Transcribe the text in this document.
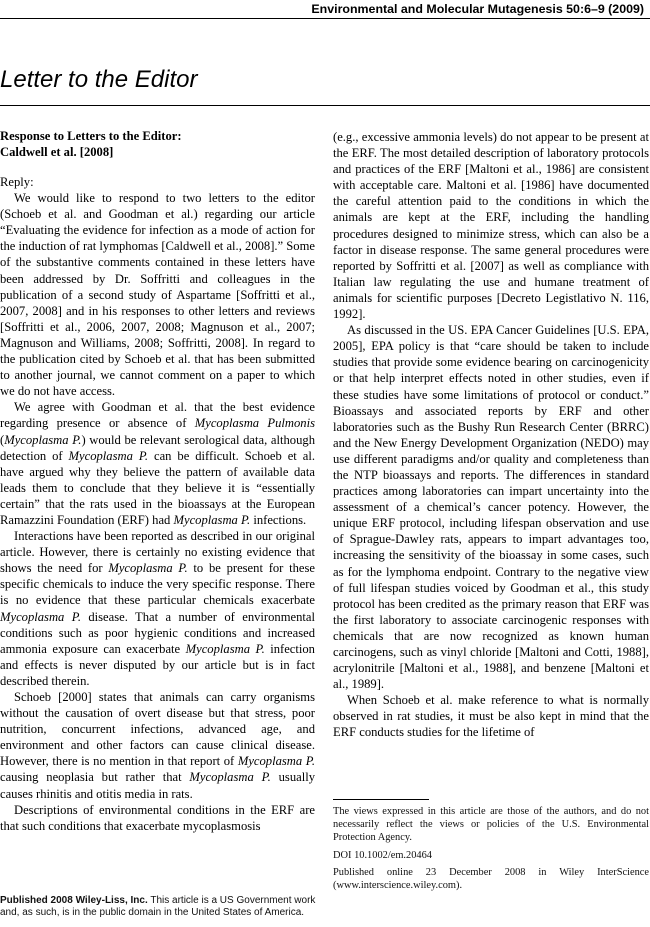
Environmental and Molecular Mutagenesis 50:6–9 (2009)
Letter to the Editor
Response to Letters to the Editor:
Caldwell et al. [2008]

Reply:

We would like to respond to two letters to the editor (Schoeb et al. and Goodman et al.) regarding our article “Evaluating the evidence for infection as a mode of action for the induction of rat lymphomas [Caldwell et al., 2008].” Some of the substantive comments contained in these letters have been addressed by Dr. Soffritti and colleagues in the publication of a second study of Aspartame [Soffritti et al., 2007, 2008] and in his responses to other letters and reviews [Soffritti et al., 2006, 2007, 2008; Magnuson et al., 2007; Magnuson and Williams, 2008; Soffritti, 2008]. In regard to the publication cited by Schoeb et al. that has been submitted to another journal, we cannot comment on a paper to which we do not have access.

We agree with Goodman et al. that the best evidence regarding presence or absence of Mycoplasma Pulmonis (Mycoplasma P.) would be relevant serological data, although detection of Mycoplasma P. can be difficult. Schoeb et al. have argued why they believe the pattern of available data leads them to conclude that they believe it is “essentially certain” that the rats used in the bioassays at the European Ramazzini Foundation (ERF) had Mycoplasma P. infections.

Interactions have been reported as described in our original article. However, there is certainly no existing evidence that shows the need for Mycoplasma P. to be present for these specific chemicals to induce the very specific response. There is no evidence that these particular chemicals exacerbate Mycoplasma P. disease. That a number of environmental conditions such as poor hygienic conditions and increased ammonia exposure can exacerbate Mycoplasma P. infection and effects is never disputed by our article but is in fact described therein.

Schoeb [2000] states that animals can carry organisms without the causation of overt disease but that stress, poor nutrition, concurrent infections, advanced age, and environment and other factors can cause clinical disease. However, there is no mention in that report of Mycoplasma P. causing neoplasia but rather that Mycoplasma P. usually causes rhinitis and otitis media in rats.

Descriptions of environmental conditions in the ERF are that such conditions that exacerbate mycoplasmosis

(e.g., excessive ammonia levels) do not appear to be present at the ERF. The most detailed description of laboratory protocols and practices of the ERF [Maltoni et al., 1986] are consistent with acceptable care. Maltoni et al. [1986] have documented the careful attention paid to the conditions in which the animals are kept at the ERF, including the handling procedures designed to minimize stress, which can also be a factor in disease response. The same general procedures were reported by Soffritti et al. [2007] as well as compliance with Italian law regulating the use and humane treatment of animals for scientific purposes [Decreto Legistlativo N. 116, 1992].

As discussed in the US. EPA Cancer Guidelines [U.S. EPA, 2005], EPA policy is that “care should be taken to include studies that provide some evidence bearing on carcinogenicity or that help interpret effects noted in other studies, even if these studies have some limitations of protocol or conduct.” Bioassays and associated reports by ERF and other laboratories such as the Bushy Run Research Center (BRRC) and the New Energy Development Organization (NEDO) may use different paradigms and/or quality and completeness than the NTP bioassays and reports. The differences in standard practices among laboratories can impart uncertainty into the assessment of a chemical’s cancer potency. However, the unique ERF protocol, including lifespan observation and use of Sprague-Dawley rats, appears to impart advantages too, increasing the sensitivity of the bioassay in some cases, such as for the lymphoma endpoint. Contrary to the negative view of full lifespan studies voiced by Goodman et al., this study protocol has been credited as the primary reason that ERF was the first laboratory to associate carcinogenic responses with chemicals that are now recognized as known human carcinogens, such as vinyl chloride [Maltoni and Cotti, 1988], acrylonitrile [Maltoni et al., 1988], and benzene [Maltoni et al., 1989].

When Schoeb et al. make reference to what is normally observed in rat studies, it must be also kept in mind that the ERF conducts studies for the lifetime of

The views expressed in this article are those of the authors, and do not necessarily reflect the views or policies of the U.S. Environmental Protection Agency.

DOI 10.1002/em.20464

Published online 23 December 2008 in Wiley InterScience (www.interscience.wiley.com).

Published 2008 Wiley-Liss, Inc. This article is a US Government work and, as such, is in the public domain in the United States of America.
